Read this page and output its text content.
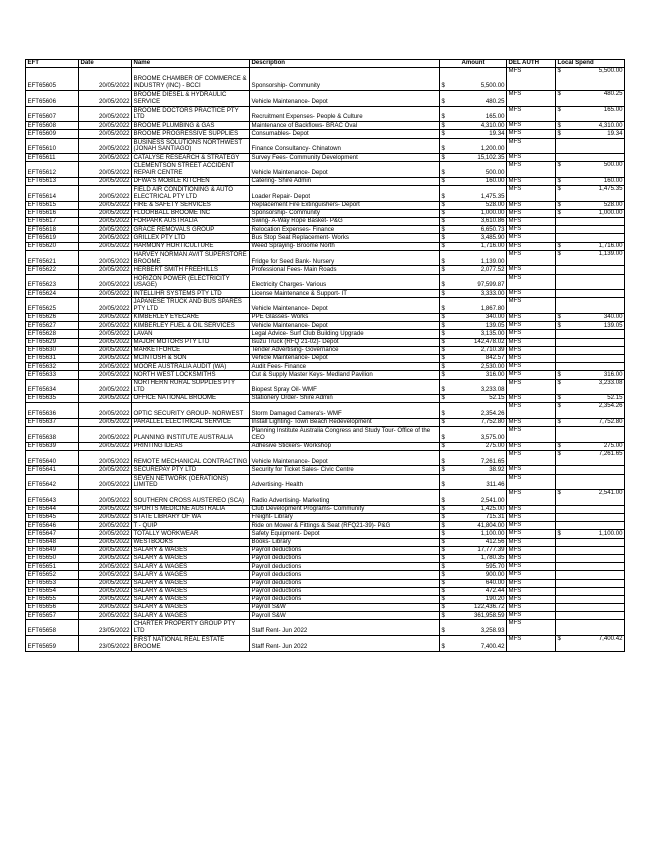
EFT	Date	Name	Description	Amount	DEL AUTH	Local Spend
EFT65605	20/05/2022	BROOME CHAMBER OF COMMERCE & INDUSTRY (INC) - BCCI	Sponsorship- Community	$ 5,500.00	MFS	$ 5,500.00

EFT65606	20/05/2022	BROOME DIESEL & HYDRAULIC SERVICE	Vehicle Maintenance- Depot	$ 480.25	MFS	$ 480.25

EFT65607	20/05/2022	BROOME DOCTORS PRACTICE PTY LTD	Recruitment Expenses- People & Culture	$ 165.00	MFS	$ 165.00

EFT65608	20/05/2022	BROOME PLUMBING & GAS	Maintenance of Backflows- BRAC Oval	$ 4,310.00	MFS	$ 4,310.00

EFT65609	20/05/2022	BROOME PROGRESSIVE SUPPLIES	Consumables- Depot	$ 19.34	MFS	$ 19.34

EFT65610	20/05/2022	BUSINESS SOLUTIONS NORTHWEST (JONAH SANTIAGO)	Finance Consultancy- Chinatown	$ 1,200.00	MFS	
EFT65611	20/05/2022	CATALYSE RESEARCH & STRATEGY	Survey Fees- Community Development	$ 15,102.35	MFS	
EFT65612	20/05/2022	CLEMENTSON STREET ACCIDENT REPAIR CENTRE	Vehicle Maintenance- Depot	$ 500.00	MFS	$ 500.00

EFT65613	20/05/2022	DFWA'S MOBILE KITCHEN	Catering- Shire Admin	$ 160.00	MFS	$ 160.00

EFT65614	20/05/2022	FIELD AIR CONDITIONING & AUTO ELECTRICAL PTY LTD	Loader Repair- Depot	$ 1,475.35	MFS	$ 1,475.35

EFT65615	20/05/2022	FIRE & SAFETY SERVICES	Replacement Fire Extinguishers- Deport	$ 528.00	MFS	$ 528.00

EFT65616	20/05/2022	FLOORBALL BROOME INC	Sponsorship- Community	$ 1,000.00	MFS	$ 1,000.00

EFT65617	20/05/2022	FORPARK AUSTRALIA	Swing- A-Way Rope Basket- P&G	$ 3,610.86	MFS	
EFT65618	20/05/2022	GRACE REMOVALS GROUP	Relocation Expenses- Finance	$ 6,650.73	MFS	
EFT65619	20/05/2022	GRILLEX PTY LTD	Bus Stop Seat Replacement- Works	$ 3,485.90	MFS	
EFT65620	20/05/2022	HARMONY HORTICULTURE	Weed Spraying- Broome North	$ 1,716.00	MFS	$ 1,716.00

EFT65621	20/05/2022	HARVEY NORMAN AV/IT SUPERSTORE BROOME	Fridge for Seed Bank- Nursery	$ 1,139.00	MFS	$ 1,139.00

EFT65622	20/05/2022	HERBERT SMITH FREEHILLS	Professional Fees- Main Roads	$ 2,077.52	MFS	
EFT65623	20/05/2022	HORIZON POWER (ELECTRICITY USAGE)	Electricity Charges- Various	$ 97,599.87	MFS	
EFT65624	20/05/2022	INTELLIHR SYSTEMS PTY LTD	License Maintenance & Support- IT	$ 3,333.00	MFS	
EFT65625	20/05/2022	JAPANESE TRUCK AND BUS SPARES PTY LTD	Vehicle Maintenance- Depot	$ 1,867.80	MFS	
EFT65626	20/05/2022	KIMBERLEY EYECARE	PPE Glasses- Works	$ 340.00	MFS	$ 340.00

EFT65627	20/05/2022	KIMBERLEY FUEL & OIL SERVICES	Vehicle Maintenance- Depot	$ 139.05	MFS	$ 139.05

EFT65628	20/05/2022	LAVAN	Legal Advice- Surf Club Building Upgrade	$ 3,135.00	MFS	
EFT65629	20/05/2022	MAJOR MOTORS PTY LTD	Isuzu Truck (RFQ 21-02)- Depot	$ 142,478.02	MFS	
EFT65630	20/05/2022	MARKETFORCE	Tender Advertising- Governance	$ 2,710.39	MFS	
EFT65631	20/05/2022	MCINTOSH & SON	Vehicle Maintenance- Depot	$ 842.57	MFS	
EFT65632	20/05/2022	MOORE AUSTRALIA AUDIT (WA)	Audit Fees- Finance	$ 2,530.00	MFS	
EFT65633	20/05/2022	NORTH WEST LOCKSMITHS	Cut & Supply Master Keys- Medland Pavilion	$ 316.00	MFS	$ 316.00

EFT65634	20/05/2022	NORTHERN RURAL SUPPLIES PTY LTD	Biopest Spray Oil- WMF	$ 3,233.08	MFS	$ 3,233.08

EFT65635	20/05/2022	OFFICE NATIONAL BROOME	Stationery Order- Shire Admin	$ 52.15	MFS	$ 52.15

EFT65636	20/05/2022	OPTIC SECURITY GROUP- NORWEST	Storm Damaged Camera's- WMF	$ 2,354.26	MFS	$ 2,354.26

EFT65637	20/05/2022	PARALLEL ELECTRICAL SERVICE	Install Lighting- Town Beach Redevelopment	$ 7,752.80	MFS	$ 7,752.80

EFT65638	20/05/2022	PLANNING INSTITUTE AUSTRALIA	Planning Institute Australia Congress and Study Tour- Office of the CEO	$ 3,575.00	MFS	
EFT65639	20/05/2022	PRINTING IDEAS	Adhesive Stickers- Workshop	$ 275.00	MFS	$ 275.00

EFT65640	20/05/2022	REMOTE MECHANICAL CONTRACTING	Vehicle Maintenance- Depot	$ 7,261.65	MFS	$ 7,261.65

EFT65641	20/05/2022	SECUREPAY PTY LTD	Security for Ticket Sales- Civic Centre	$ 38.92	MFS	
EFT65642	20/05/2022	SEVEN NETWORK (OERATIONS) LIMITED	Advertising- Health	$ 311.46	MFS	
EFT65643	20/05/2022	SOUTHERN CROSS AUSTEREO (SCA)	Radio Advertising- Marketing	$ 2,541.00	MFS	$ 2,541.00

EFT65644	20/05/2022	SPORTS MEDICINE AUSTRALIA	Club Development Programs- Community	$ 1,425.00	MFS	
EFT65645	20/05/2022	STATE LIBRARY OF WA	Freight- Library	$ 715.31	MFS	
EFT65646	20/05/2022	T - QUIP	Ride on Mower & Fittings & Seat (RFQ21-39)- P&G	$ 41,804.00	MFS	
EFT65647	20/05/2022	TOTALLY WORKWEAR	Safety Equipment- Depot	$ 1,100.00	MFS	$ 1,100.00

EFT65648	20/05/2022	WESTBOOKS	Books- Library	$ 412.56	MFS	
EFT65649	20/05/2022	SALARY & WAGES	Payroll deductions	$ 17,777.39	MFS	
EFT65650	20/05/2022	SALARY & WAGES	Payroll deductions	$ 1,780.35	MFS	
EFT65651	20/05/2022	SALARY & WAGES	Payroll deductions	$ 595.70	MFS	
EFT65652	20/05/2022	SALARY & WAGES	Payroll deductions	$ 900.00	MFS	
EFT65653	20/05/2022	SALARY & WAGES	Payroll deductions	$ 640.00	MFS	
EFT65654	20/05/2022	SALARY & WAGES	Payroll deductions	$ 472.44	MFS	
EFT65655	20/05/2022	SALARY & WAGES	Payroll deductions	$ 190.20	MFS	
EFT65656	20/05/2022	SALARY & WAGES	Payroll S&W	$ 122,436.72	MFS	
EFT65657	20/05/2022	SALARY & WAGES	Payroll S&W	$ 361,958.59	MFS	
EFT65658	23/05/2022	CHARTER PROPERTY GROUP PTY LTD	Staff Rent- Jun 2022	$ 3,258.93	MFS	
EFT65659	23/05/2022	FIRST NATIONAL REAL ESTATE BROOME	Staff Rent- Jun 2022	$ 7,400.42	MFS	$ 7,400.42
